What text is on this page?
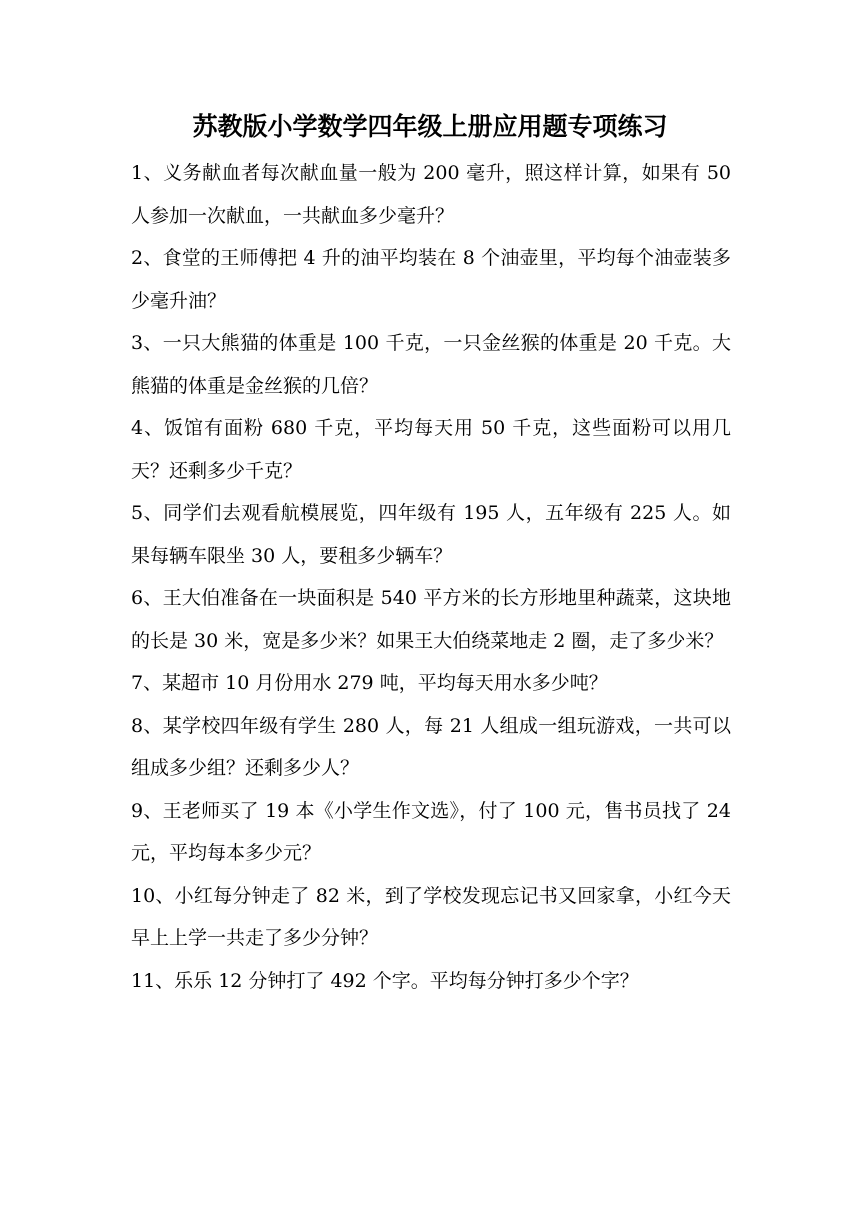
苏教版小学数学四年级上册应用题专项练习
1、义务献血者每次献血量一般为 200 毫升，照这样计算，如果有 50 人参加一次献血，一共献血多少毫升？
2、食堂的王师傅把 4 升的油平均装在 8 个油壶里，平均每个油壶装多少毫升油？
3、一只大熊猫的体重是 100 千克，一只金丝猴的体重是 20 千克。大熊猫的体重是金丝猴的几倍？
4、饭馆有面粉 680 千克，平均每天用 50 千克，这些面粉可以用几天？还剩多少千克？
5、同学们去观看航模展览，四年级有 195 人，五年级有 225 人。如果每辆车限坐 30 人，要租多少辆车？
6、王大伯准备在一块面积是 540 平方米的长方形地里种蔬菜，这块地的长是 30 米，宽是多少米？如果王大伯绕菜地走 2 圈，走了多少米？
7、某超市 10 月份用水 279 吨，平均每天用水多少吨？
8、某学校四年级有学生 280 人，每 21 人组成一组玩游戏，一共可以组成多少组？还剩多少人？
9、王老师买了 19 本《小学生作文选》，付了 100 元，售书员找了 24 元，平均每本多少元？
10、小红每分钟走了 82 米，到了学校发现忘记书又回家拿，小红今天早上上学一共走了多少分钟？
11、乐乐 12 分钟打了 492 个字。平均每分钟打多少个字？
